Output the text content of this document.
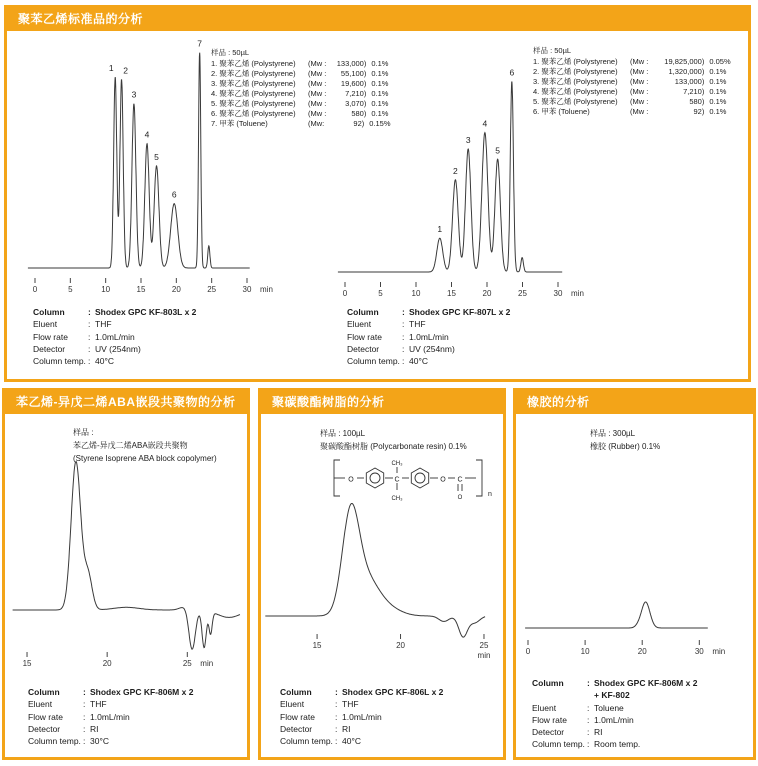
聚苯乙烯标准品的分析
0	5	10	15	20	25	30 min
1 2
3
4
5
6
7
样品 : 50µL
1. 聚苯乙烯 (Polystyrene)	(Mw :	133,000) 0.1%
2. 聚苯乙烯 (Polystyrene)	(Mw :	55,100) 0.1%
3. 聚苯乙烯 (Polystyrene)	(Mw :	19,600) 0.1%
4. 聚苯乙烯 (Polystyrene)	(Mw :	7,210) 0.1%
5. 聚苯乙烯 (Polystyrene)	(Mw :	3,070) 0.1%
6. 聚苯乙烯 (Polystyrene)	(Mw :	580) 0.1%
7. 甲苯 (Toluene)	(Mw:	92) 0.15%
Column	: Shodex GPC KF-803L x 2
Eluent	: THF
Flow rate	: 1.0mL/min
Detector	: UV (254nm)
Column temp. : 40°C
0	5	10	15	20	25	30 min
1
2
3
4
5
6
样品 : 50µL
1. 聚苯乙烯 (Polystyrene)	(Mw :	19,825,000) 0.05%
2. 聚苯乙烯 (Polystyrene)	(Mw :	1,320,000) 0.1%
3. 聚苯乙烯 (Polystyrene)	(Mw :	133,000) 0.1%
4. 聚苯乙烯 (Polystyrene)	(Mw :	7,210) 0.1%
5. 聚苯乙烯 (Polystyrene)	(Mw :	580) 0.1%
6. 甲苯 (Toluene)	(Mw :	92) 0.1%
Column	: Shodex GPC KF-807L x 2
Eluent	: THF
Flow rate	: 1.0mL/min
Detector	: UV (254nm)
Column temp. : 40°C
苯乙烯-异戊二烯ABA嵌段共聚物的分析
样品 :
苯乙烯-异戊二烯ABA嵌段共聚物
(Styrene Isoprene ABA block copolymer)
15	20	25 min
Column	: Shodex GPC KF-806M x 2
Eluent	: THF
Flow rate	: 1.0mL/min
Detector	: RI
Column temp. : 30°C
聚碳酸酯树脂的分析
样品 : 100µL
聚碳酸酯树脂 (Polycarbonate resin) 0.1%
O	C
CH₃
CH₃
O C
O	n
15	20	25
min
Column	: Shodex GPC KF-806L x 2
Eluent	: THF
Flow rate	: 1.0mL/min
Detector	: RI
Column temp. : 40°C
橡胶的分析
样品 : 300µL
橡胶 (Rubber) 0.1%
0	10	20	30 min
Column	: Shodex GPC KF-806M x 2
+ KF-802
Eluent	: Toluene
Flow rate	: 1.0mL/min
Detector	: RI
Column temp. : Room temp.
